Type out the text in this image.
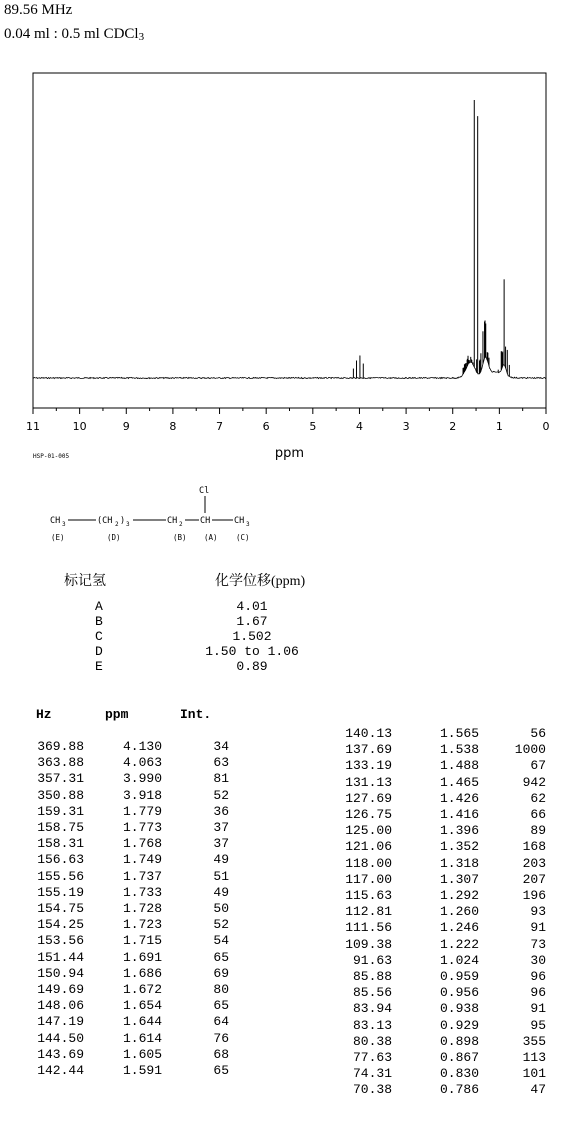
89.56 MHz
0.04 ml : 0.5 ml CDCl$_3$
11	10	9	8	7	6	5	4	3	2	1	0
ppm
HSP-01-005
CH 3	(CH 2 ) 3	CH 2 CH	CH 3
Cl
(E)	(D)	(B) (A) (C)
标记氢	化学位移(ppm)
A	4.01
B	1.67
C	1.502
D	1.50 to 1.06
E	0.89
Hz	ppm	Int.
369.88	4.130	34
363.88	4.063	63
357.31	3.990	81
350.88	3.918	52
159.31	1.779	36
158.75	1.773	37
158.31	1.768	37
156.63	1.749	49
155.56	1.737	51
155.19	1.733	49
154.75	1.728	50
154.25	1.723	52
153.56	1.715	54
151.44	1.691	65
150.94	1.686	69
149.69	1.672	80
148.06	1.654	65
147.19	1.644	64
144.50	1.614	76
143.69	1.605	68
142.44	1.591	65
140.13	1.565	56
137.69	1.538	1000
133.19	1.488	67
131.13	1.465	942
127.69	1.426	62
126.75	1.416	66
125.00	1.396	89
121.06	1.352	168
118.00	1.318	203
117.00	1.307	207
115.63	1.292	196
112.81	1.260	93
111.56	1.246	91
109.38	1.222	73
91.63	1.024	30
85.88	0.959	96
85.56	0.956	96
83.94	0.938	91
83.13	0.929	95
80.38	0.898	355
77.63	0.867	113
74.31	0.830	101
70.38	0.786	47
